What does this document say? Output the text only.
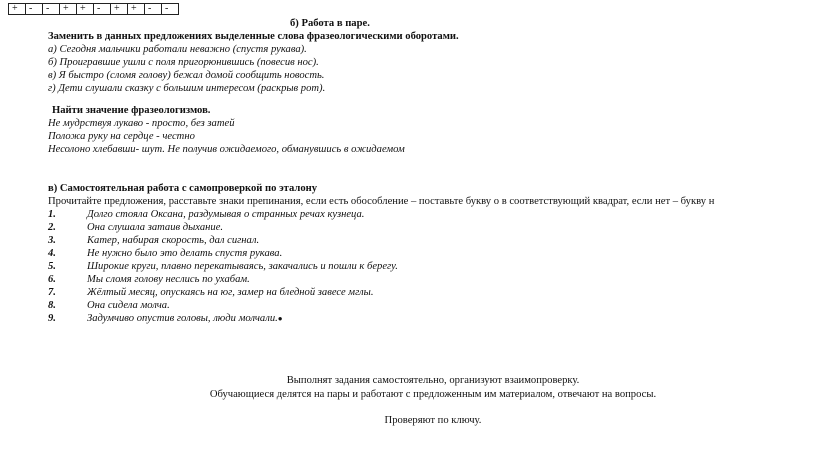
+	-	-	+	+	-	+	+	-	-
б) Работа в паре.
Заменить в данных предложениях выделенные слова фразеологическими оборотами.
а) Сегодня мальчики работали неважно (спустя рукава).
б) Проигравшие ушли с поля пригорюнившись (повесив нос).
в) Я быстро (сломя голову) бежал домой сообщить новость.
г) Дети слушали сказку с большим интересом (раскрыв рот).
Найти значение фразеологизмов.
Не мудрствуя лукаво - просто, без затей
Положа руку на сердце - честно
Несолоно хлебавши- шут. Не получив ожидаемого, обманувшись в ожидаемом
в) Самостоятельная работа с самопроверкой по эталону
Прочитайте предложения, расставьте знаки препинания, если есть обособление – поставьте букву о в соответствующий квадрат, если нет – букву н
1.	Долго стояла Оксана, раздумывая о странных речах кузнеца.
2.	Она слушала затаив дыхание.
3.	Катер, набирая скорость, дал сигнал.
4.	Не нужно было это делать спустя рукава.
5.	Широкие круги, плавно перекатываясь, закачались и пошли к берегу.
6.	Мы сломя голову неслись по ухабам.
7.	Жёлтый месяц, опускаясь на юг, замер на бледной завесе мглы.
8.	Она сидела молча.
9.	Задумчиво опустив головы, люди молчали.●
Выполнят задания самостоятельно, организуют взаимопроверку.
Обучающиеся делятся на пары и работают с предложенным им материалом, отвечают на вопросы.
Проверяют по ключу.
